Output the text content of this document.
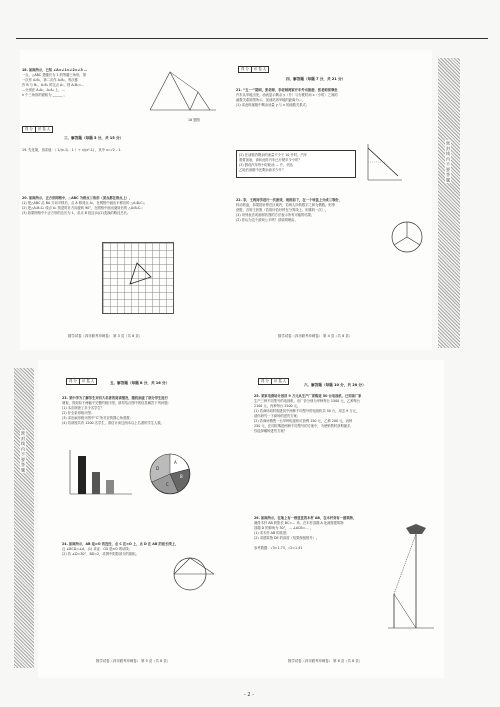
18. 如图所示，已知 ∠A=∠1=∠2=∠3 …
一点，△ABC 是腰长为 1 的等腰三角形，第
一次作 A₁B₁，第二次作 A₂B₂，每次都
作 B 与 B₁，A₁B₁ 的交点 A₂，则 A₂B₂=…
…分别在 A₁A₂，A₂A₃ 上，…
n 个三角形的面积为 ______ 。
18 题图
得 分	评 卷 人
三、解答题（每题 5 分，共 15 分）
19. 先化简，再求值：（ 1/(x-1) - 1 ）÷ x/(x²-1) ，其中 x=√2 - 1.
20. 如图所示，正方形网格中，△ABC 为格点三角形（顶点都在格点上），
(1) 把△ABC 沿 BA 方向平移后，点 A 移到点 A₁，在网格中画出平移后的 △A₁B₁C₁；
(2) 把△A₁B₁C₁ 绕点 A₁ 按逆时针方向旋转 90°，在网格中画出旋转后的 △A₁B₂C₂；
(3) 如果网格中小正方形的边长为 1，求点 B 经过(1)(2)变换的路径总长。
数学试卷（四市联考冲刺卷） 第 3 页（共 8 页）
得 分	评 卷 人
四、解答题（每题 7 分，共 21 分）
21. “五·一”期间，张老师、李老师两家开车外出旅游，张老师家乘坐
汽车从甲地出发，油表显示剩余 y（升）与行驶时间 x（小时）之间的
函数关系如图所示，加油站到甲地的距离为…，
(1) 求此时邮箱中剩余油量 y 与 x 的函数关系式；
(2) 在油箱内剩余的油量不少于 10 升时，汽车
需要加油，请问此时汽车已行驶多少小时？
(3) 假设汽车每小时耗油 … 升，到达
乙地后油箱中还剩余油多少升？
22. 李，王两同学进行一次游戏，规则如下，在一个转盘上分成三等份，
转动转盘，如果指针停在区域内，若两人所转数字之和为偶数，则李
获胜，否则王获胜（若指针恰好停在分界线上，则重转一次），
(1) 用列表法或画树状图的方法表示所有可能的结果；
(2) 你认为这个游戏公平吗？请说明理由。
数学试卷（四市联考冲刺卷） 第 4 页（共 8 页）
密 封 线 内 不 要 答 题
密 封 线 内 不 要 答 题
得 分	评 卷 人	五、解答题（每题 8 分，共 16 分）
23. 某中学为了解学生对四大名著的阅读情况，随机抽查了部分学生进行
调查，得到如下两幅不完整的统计图，请你结合图中的信息解答下列问题：
(1) 本次调查了多少名学生？
(2) 补全条形统计图；
(3) 求出扇形统计图中“C”所对应的圆心角度数；
(4) 若该校共有 1200 名学生，请估计读过两本以上名著的学生人数。
A
B
C
D
24. 如图所示，AB 是⊙O 的直径，点 C 在⊙O 上，点 D 在 AB 的延长线上，
且 ∠BCD=∠A，(1) 求证：CD 是⊙O 的切线；
(2) 若 ∠D=30°，BD=2，求图中阴影部分的面积。
数学试卷（四市联考冲刺卷） 第 5 页（共 8 页）
得 分	评 卷 人
六、解答题（每题 10 分，共 20 分）
25. 某家电商场计划用 9 万元从生产厂家购进 50 台电视机，已知该厂家
生产三种不同型号的电视机，出厂价分别为甲种每台 1500 元，乙种每台
2100 元，丙种每台 2500 元。
(1) 若商场同时购进其中两种不同型号的电视机共 50 台，用去 9 万元，
请你研究一下商场的进货方案；
(2) 若商场销售一台甲种电视机可获利 150 元，乙种 200 元，丙种
250 元，在同时购进两种不同型号的方案中，为使销售时获利最多，
你选择哪种进货方案？
26. 如图所示，在地上有一根竖直的木杆 AB，在木杆旁有一建筑物，
测得木杆 AB 的影长 BC=… 米，在木杆顶端 A 处测得建筑物
顶端 D 的仰角为 30°，… ∠ACB=… ，
(1) 求木杆 AB 的高度；
(2) 求建筑物 DE 的高度（结果保留根号）。
参考数据：√3≈1.73，√2≈1.41
数学试卷（四市联考冲刺卷） 第 6 页（共 8 页）
- 2 -
